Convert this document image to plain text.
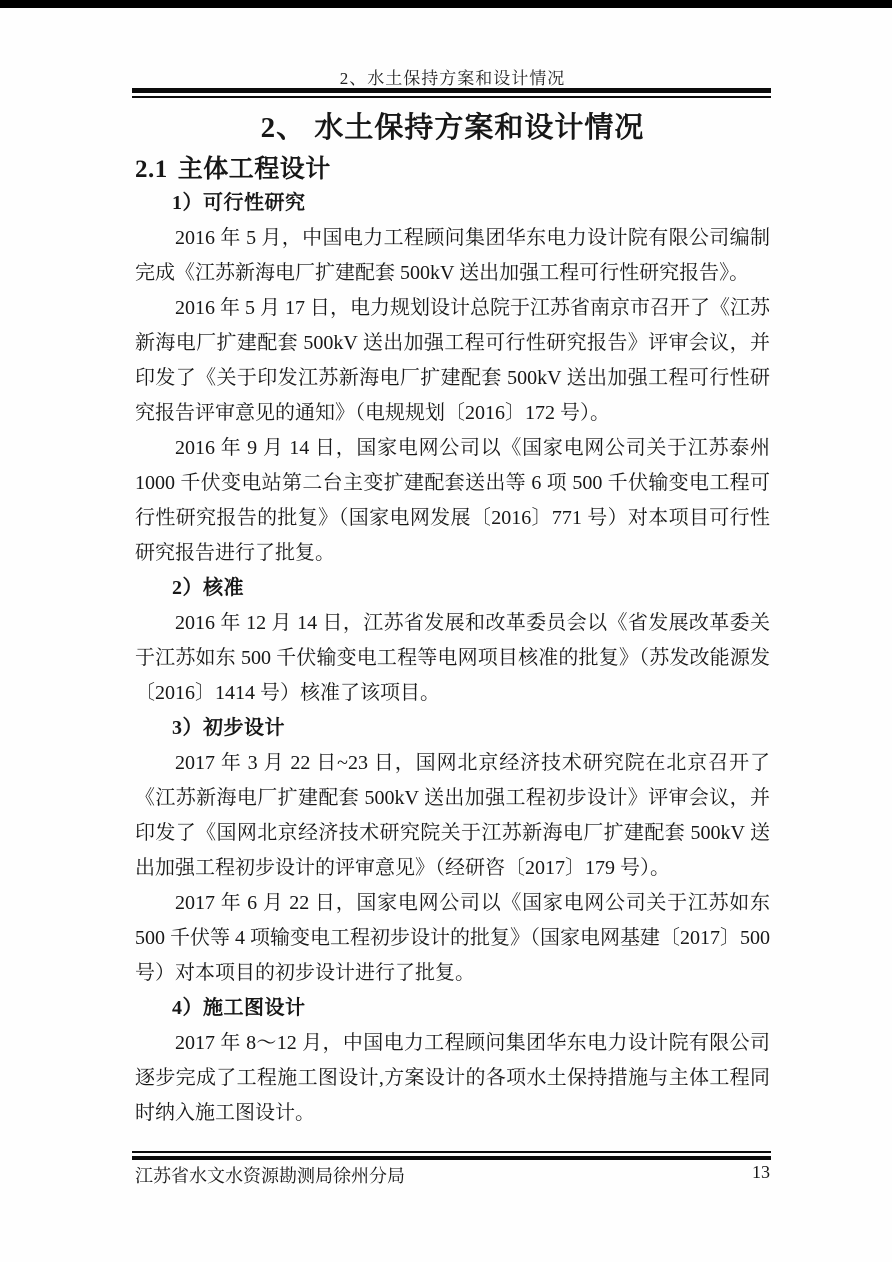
2、水土保持方案和设计情况
2、 水土保持方案和设计情况
2.1 主体工程设计
1）可行性研究

2016 年 5 月，中国电力工程顾问集团华东电力设计院有限公司编制完成《江苏新海电厂扩建配套 500kV 送出加强工程可行性研究报告》。

2016 年 5 月 17 日，电力规划设计总院于江苏省南京市召开了《江苏新海电厂扩建配套 500kV 送出加强工程可行性研究报告》评审会议，并印发了《关于印发江苏新海电厂扩建配套 500kV 送出加强工程可行性研究报告评审意见的通知》（电规规划〔2016〕172 号）。

2016 年 9 月 14 日，国家电网公司以《国家电网公司关于江苏泰州 1000 千伏变电站第二台主变扩建配套送出等 6 项 500 千伏输变电工程可行性研究报告的批复》（国家电网发展〔2016〕771 号）对本项目可行性研究报告进行了批复。

2）核准

2016 年 12 月 14 日，江苏省发展和改革委员会以《省发展改革委关于江苏如东 500 千伏输变电工程等电网项目核准的批复》（苏发改能源发〔2016〕1414 号）核准了该项目。

3）初步设计

2017 年 3 月 22 日~23 日，国网北京经济技术研究院在北京召开了《江苏新海电厂扩建配套 500kV 送出加强工程初步设计》评审会议，并印发了《国网北京经济技术研究院关于江苏新海电厂扩建配套 500kV 送出加强工程初步设计的评审意见》（经研咨〔2017〕179 号）。

2017 年 6 月 22 日，国家电网公司以《国家电网公司关于江苏如东 500 千伏等 4 项输变电工程初步设计的批复》（国家电网基建〔2017〕500 号）对本项目的初步设计进行了批复。

4）施工图设计

2017 年 8～12 月，中国电力工程顾问集团华东电力设计院有限公司逐步完成了工程施工图设计,方案设计的各项水土保持措施与主体工程同时纳入施工图设计。

江苏省水文水资源勘测局徐州分局	13
